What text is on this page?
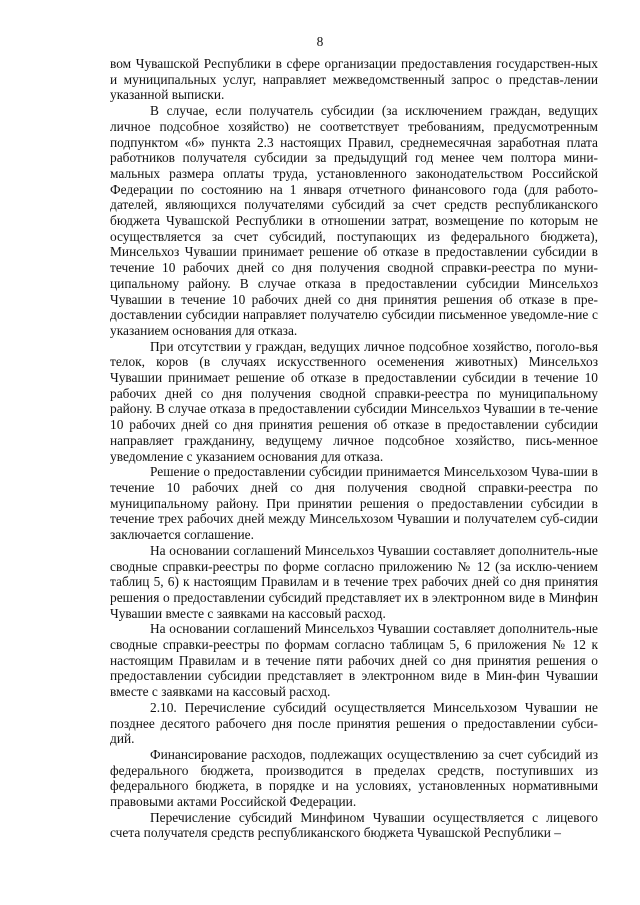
8

вом Чувашской Республики в сфере организации предоставления государствен-ных и муниципальных услуг, направляет межведомственный запрос о представ-лении указанной выписки.

В случае, если получатель субсидии (за исключением граждан, ведущих личное подсобное хозяйство) не соответствует требованиям, предусмотренным подпунктом «б» пункта 2.3 настоящих Правил, среднемесячная заработная плата работников получателя субсидии за предыдущий год менее чем полтора мини-мальных размера оплаты труда, установленного законодательством Российской Федерации по состоянию на 1 января отчетного финансового года (для работо-дателей, являющихся получателями субсидий за счет средств республиканского бюджета Чувашской Республики в отношении затрат, возмещение по которым не осуществляется за счет субсидий, поступающих из федерального бюджета), Минсельхоз Чувашии принимает решение об отказе в предоставлении субсидии в течение 10 рабочих дней со дня получения сводной справки-реестра по муни-ципальному району. В случае отказа в предоставлении субсидии Минсельхоз Чувашии в течение 10 рабочих дней со дня принятия решения об отказе в пре-доставлении субсидии направляет получателю субсидии письменное уведомле-ние с указанием основания для отказа.

При отсутствии у граждан, ведущих личное подсобное хозяйство, поголо-вья телок, коров (в случаях искусственного осеменения животных) Минсельхоз Чувашии принимает решение об отказе в предоставлении субсидии в течение 10 рабочих дней со дня получения сводной справки-реестра по муниципальному району. В случае отказа в предоставлении субсидии Минсельхоз Чувашии в те-чение 10 рабочих дней со дня принятия решения об отказе в предоставлении субсидии направляет гражданину, ведущему личное подсобное хозяйство, пись-менное уведомление с указанием основания для отказа.

Решение о предоставлении субсидии принимается Минсельхозом Чува-шии в течение 10 рабочих дней со дня получения сводной справки-реестра по муниципальному району. При принятии решения о предоставлении субсидии в течение трех рабочих дней между Минсельхозом Чувашии и получателем суб-сидии заключается соглашение.

На основании соглашений Минсельхоз Чувашии составляет дополнитель-ные сводные справки-реестры по форме согласно приложению № 12 (за исклю-чением таблиц 5, 6) к настоящим Правилам и в течение трех рабочих дней со дня принятия решения о предоставлении субсидий представляет их в электронном виде в Минфин Чувашии вместе с заявками на кассовый расход.

На основании соглашений Минсельхоз Чувашии составляет дополнитель-ные сводные справки-реестры по формам согласно таблицам 5, 6 приложения № 12 к настоящим Правилам и в течение пяти рабочих дней со дня принятия решения о предоставлении субсидии представляет в электронном виде в Мин-фин Чувашии вместе с заявками на кассовый расход.

2.10. Перечисление субсидий осуществляется Минсельхозом Чувашии не позднее десятого рабочего дня после принятия решения о предоставлении субси-дий.

Финансирование расходов, подлежащих осуществлению за счет субсидий из федерального бюджета, производится в пределах средств, поступивших из федерального бюджета, в порядке и на условиях, установленных нормативными правовыми актами Российской Федерации.

Перечисление субсидий Минфином Чувашии осуществляется с лицевого счета получателя средств республиканского бюджета Чувашской Республики –
